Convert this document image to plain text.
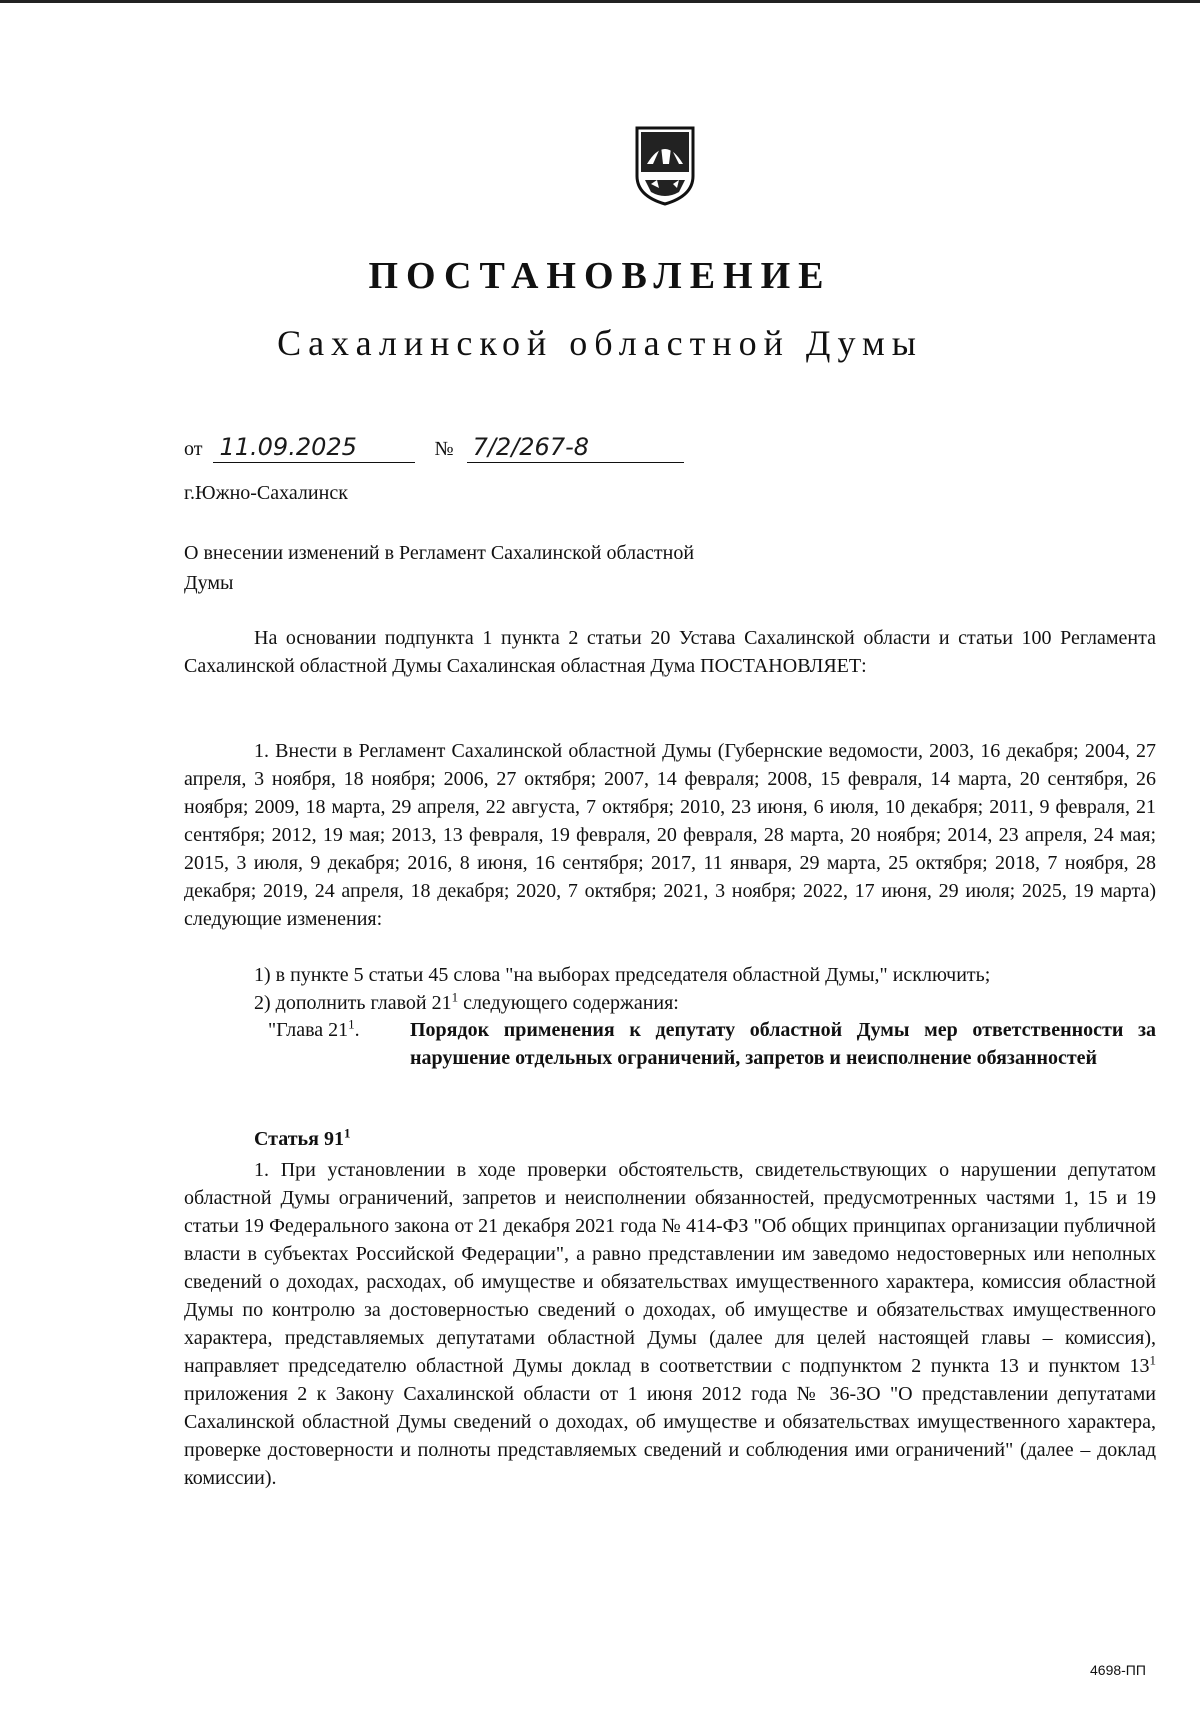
ПОСТАНОВЛЕНИЕ
Сахалинской областной Думы
от 11.09.2025	№ 7/2/267-8
г.Южно-Сахалинск
О внесении изменений в Регламент Сахалинской областной Думы

На основании подпункта 1 пункта 2 статьи 20 Устава Сахалинской области и статьи 100 Регламента Сахалинской областной Думы Сахалинская областная Дума ПОСТАНОВЛЯЕТ:

1. Внести в Регламент Сахалинской областной Думы (Губернские ведомости, 2003, 16 декабря; 2004, 27 апреля, 3 ноября, 18 ноября; 2006, 27 октября; 2007, 14 февраля; 2008, 15 февраля, 14 марта, 20 сентября, 26 ноября; 2009, 18 марта, 29 апреля, 22 августа, 7 октября; 2010, 23 июня, 6 июля, 10 декабря; 2011, 9 февраля, 21 сентября; 2012, 19 мая; 2013, 13 февраля, 19 февраля, 20 февраля, 28 марта, 20 ноября; 2014, 23 апреля, 24 мая; 2015, 3 июля, 9 декабря; 2016, 8 июня, 16 сентября; 2017, 11 января, 29 марта, 25 октября; 2018, 7 ноября, 28 декабря; 2019, 24 апреля, 18 декабря; 2020, 7 октября; 2021, 3 ноября; 2022, 17 июня, 29 июля; 2025, 19 марта) следующие изменения:

1) в пункте 5 статьи 45 слова "на выборах председателя областной Думы," исключить;

2) дополнить главой $21^1$ следующего содержания:

"Глава $21^1$.	Порядок применения к депутату областной Думы мер ответственности за нарушение отдельных ограничений, запретов и неисполнение обязанностей
Статья $91^1$

1. При установлении в ходе проверки обстоятельств, свидетельствующих о нарушении депутатом областной Думы ограничений, запретов и неисполнении обязанностей, предусмотренных частями 1, 15 и 19 статьи 19 Федерального закона от 21 декабря 2021 года № 414-ФЗ "Об общих принципах организации публичной власти в субъектах Российской Федерации", а равно представлении им заведомо недостоверных или неполных сведений о доходах, расходах, об имуществе и обязательствах имущественного характера, комиссия областной Думы по контролю за достоверностью сведений о доходах, об имуществе и обязательствах имущественного характера, представляемых депутатами областной Думы (далее для целей настоящей главы – комиссия), направляет председателю областной Думы доклад в соответствии с подпунктом 2 пункта 13 и пунктом $13^1$ приложения 2 к Закону Сахалинской области от 1 июня 2012 года № 36-ЗО "О представлении депутатами Сахалинской областной Думы сведений о доходах, об имуществе и обязательствах имущественного характера, проверке достоверности и полноты представляемых сведений и соблюдения ими ограничений" (далее – доклад комиссии).

4698-ПП
